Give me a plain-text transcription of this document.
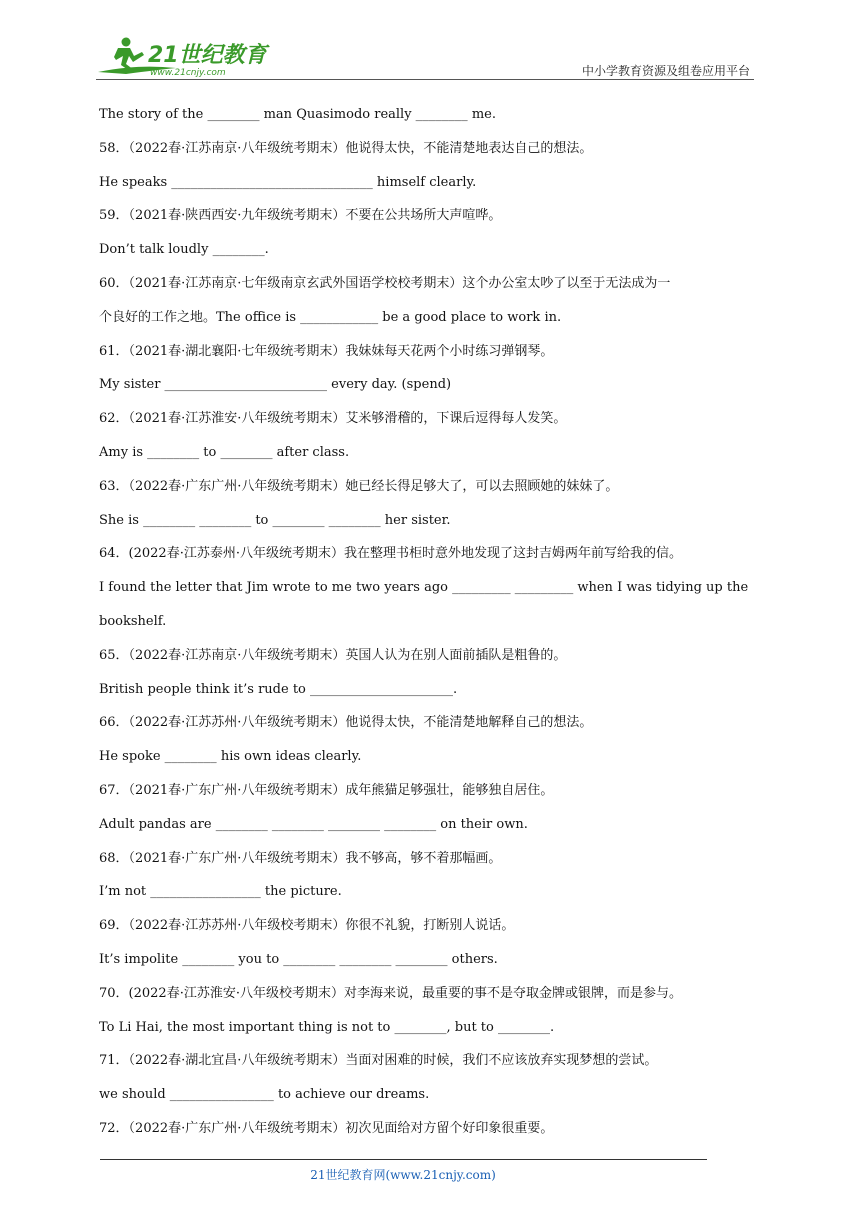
21世纪教育
www.21cnjy.com	中小学教育资源及组卷应用平台

The story of the ________ man Quasimodo really ________ me.

58．（2022春·江苏南京·八年级统考期末）他说得太快，不能清楚地表达自己的想法。

He speaks _______________________________ himself clearly.

59．（2021春·陕西西安·九年级统考期末）不要在公共场所大声喧哗。

Don’t talk loudly ________.

60．（2021春·江苏南京·七年级南京玄武外国语学校校考期末）这个办公室太吵了以至于无法成为一

个良好的工作之地。The office is ____________ be a good place to work in.

61．（2021春·湖北襄阳·七年级统考期末）我妹妹每天花两个小时练习弹钢琴。

My sister _________________________ every day. (spend)

62．（2021春·江苏淮安·八年级统考期末）艾米够滑稽的，下课后逗得每人发笑。

Amy is ________ to ________ after class.

63．（2022春·广东广州·八年级统考期末）她已经长得足够大了，可以去照顾她的妹妹了。

She is ________ ________ to ________ ________ her sister.

64．(2022春·江苏泰州·八年级统考期末）我在整理书柜时意外地发现了这封吉姆两年前写给我的信。

I found the letter that Jim wrote to me two years ago _________ _________ when I was tidying up the

bookshelf.

65．（2022春·江苏南京·八年级统考期末）英国人认为在别人面前插队是粗鲁的。

British people think it’s rude to ______________________.

66．（2022春·江苏苏州·八年级统考期末）他说得太快，不能清楚地解释自己的想法。

He spoke ________ his own ideas clearly.

67．（2021春·广东广州·八年级统考期末）成年熊猫足够强壮，能够独自居住。

Adult pandas are ________ ________ ________ ________ on their own.

68．（2021春·广东广州·八年级统考期末）我不够高，够不着那幅画。

I’m not _________________ the picture.

69．（2022春·江苏苏州·八年级校考期末）你很不礼貌，打断别人说话。

It’s impolite ________ you to ________ ________ ________ others.

70．(2022春·江苏淮安·八年级校考期末）对李海来说，最重要的事不是夺取金牌或银牌，而是参与。

To Li Hai, the most important thing is not to ________, but to ________.

71．（2022春·湖北宜昌·八年级统考期末）当面对困难的时候，我们不应该放弃实现梦想的尝试。

we should ________________ to achieve our dreams.

72．（2022春·广东广州·八年级统考期末）初次见面给对方留个好印象很重要。

21世纪教育网(www.21cnjy.com)
